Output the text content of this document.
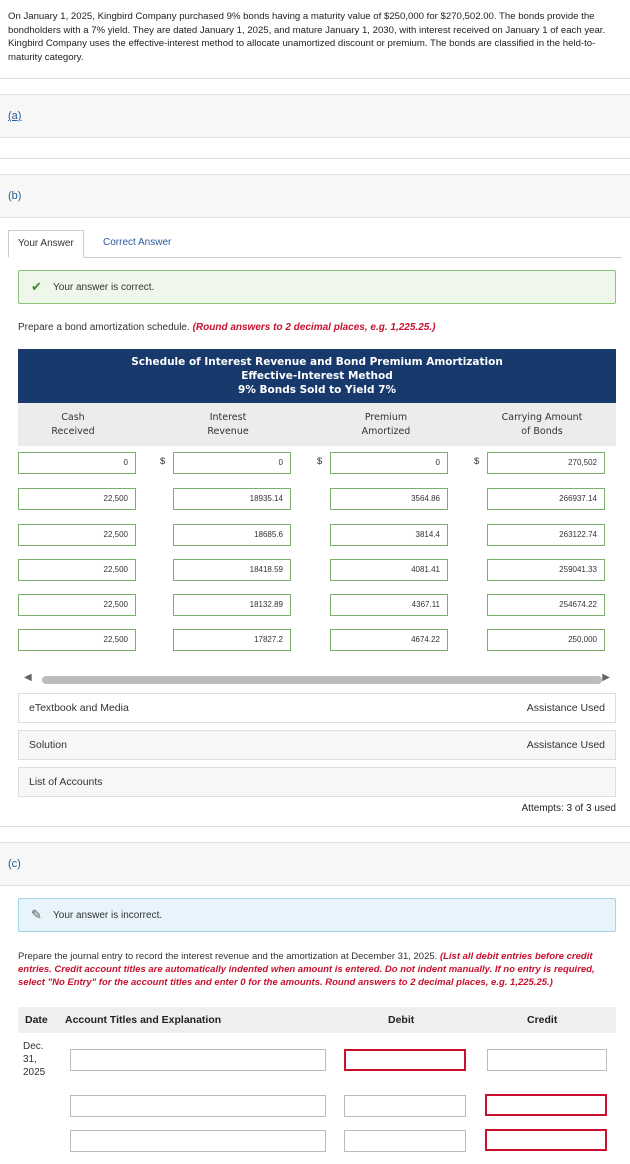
On January 1, 2025, Kingbird Company purchased 9% bonds having a maturity value of $250,000 for $270,502.00. The bonds provide the bondholders with a 7% yield. They are dated January 1, 2025, and mature January 1, 2030, with interest received on January 1 of each year. Kingbird Company uses the effective-interest method to allocate unamortized discount or premium. The bonds are classified in the held-to-maturity category.
(a)
(b)
Your Answer	Correct Answer
✔ Your answer is correct.
Prepare a bond amortization schedule. (Round answers to 2 decimal places, e.g. 1,225.25.)
Schedule of Interest Revenue and Bond Premium Amortization
Effective-Interest Method
9% Bonds Sold to Yield 7%
Cash
Received
Interest
Revenue
Premium
Amortized
Carrying Amount
of Bonds
0	$	0	$	0	$	270,502
22,500	18935.14	3564.86	266937.14
22,500	18685.6	3814.4	263122.74
22,500	18418.59	4081.41	259041.33
22,500	18132.89	4367.11	254674.22
22,500	17827.2	4674.22	250,000
◀	▶
eTextbook and Media	Assistance Used
Solution	Assistance Used
List of Accounts
Attempts: 3 of 3 used
(c)
✎ Your answer is incorrect.
Prepare the journal entry to record the interest revenue and the amortization at December 31, 2025. (List all debit entries before credit entries. Credit account titles are automatically indented when amount is entered. Do not indent manually. If no entry is required, select "No Entry" for the account titles and enter 0 for the amounts. Round answers to 2 decimal places, e.g. 1,225.25.)
Date Account Titles and Explanation	Debit	Credit
Dec.
31,
2025
